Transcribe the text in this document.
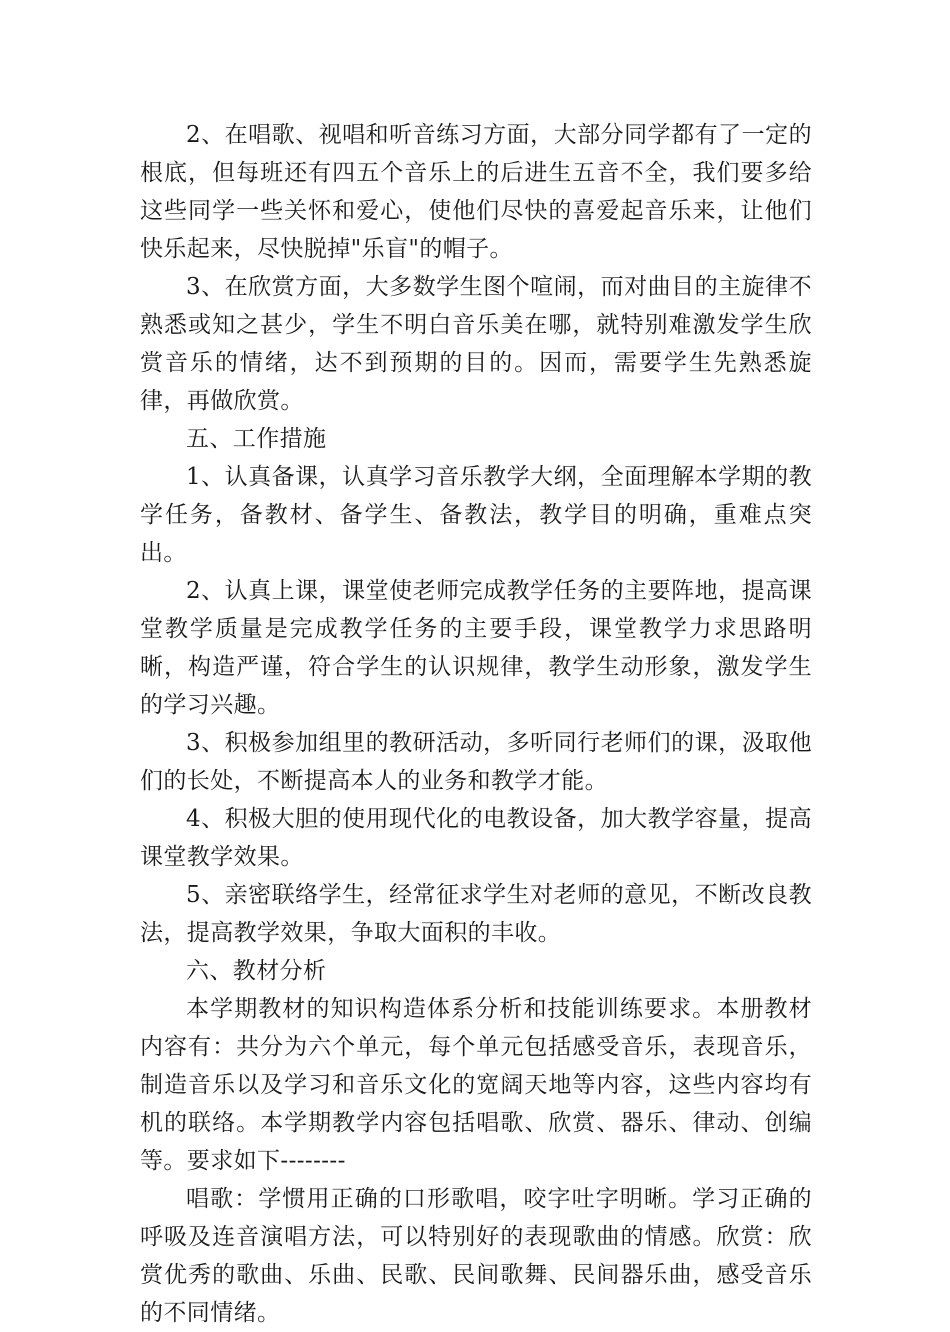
2、在唱歌、视唱和听音练习方面，大部分同学都有了一定的根底，但每班还有四五个音乐上的后进生五音不全，我们要多给这些同学一些关怀和爱心，使他们尽快的喜爱起音乐来，让他们快乐起来，尽快脱掉"乐盲"的帽子。

3、在欣赏方面，大多数学生图个喧闹，而对曲目的主旋律不熟悉或知之甚少，学生不明白音乐美在哪，就特别难激发学生欣赏音乐的情绪，达不到预期的目的。因而，需要学生先熟悉旋律，再做欣赏。

五、工作措施

1、认真备课，认真学习音乐教学大纲，全面理解本学期的教学任务，备教材、备学生、备教法，教学目的明确，重难点突出。

2、认真上课，课堂使老师完成教学任务的主要阵地，提高课堂教学质量是完成教学任务的主要手段，课堂教学力求思路明晰，构造严谨，符合学生的认识规律，教学生动形象，激发学生的学习兴趣。

3、积极参加组里的教研活动，多听同行老师们的课，汲取他们的长处，不断提高本人的业务和教学才能。

4、积极大胆的使用现代化的电教设备，加大教学容量，提高课堂教学效果。

5、亲密联络学生，经常征求学生对老师的意见，不断改良教法，提高教学效果，争取大面积的丰收。

六、教材分析

本学期教材的知识构造体系分析和技能训练要求。本册教材内容有：共分为六个单元，每个单元包括感受音乐，表现音乐，制造音乐以及学习和音乐文化的宽阔天地等内容，这些内容均有机的联络。本学期教学内容包括唱歌、欣赏、器乐、律动、创编等。要求如下--------

唱歌：学惯用正确的口形歌唱，咬字吐字明晰。学习正确的呼吸及连音演唱方法，可以特别好的表现歌曲的情感。欣赏：欣赏优秀的歌曲、乐曲、民歌、民间歌舞、民间器乐曲，感受音乐的不同情绪。
